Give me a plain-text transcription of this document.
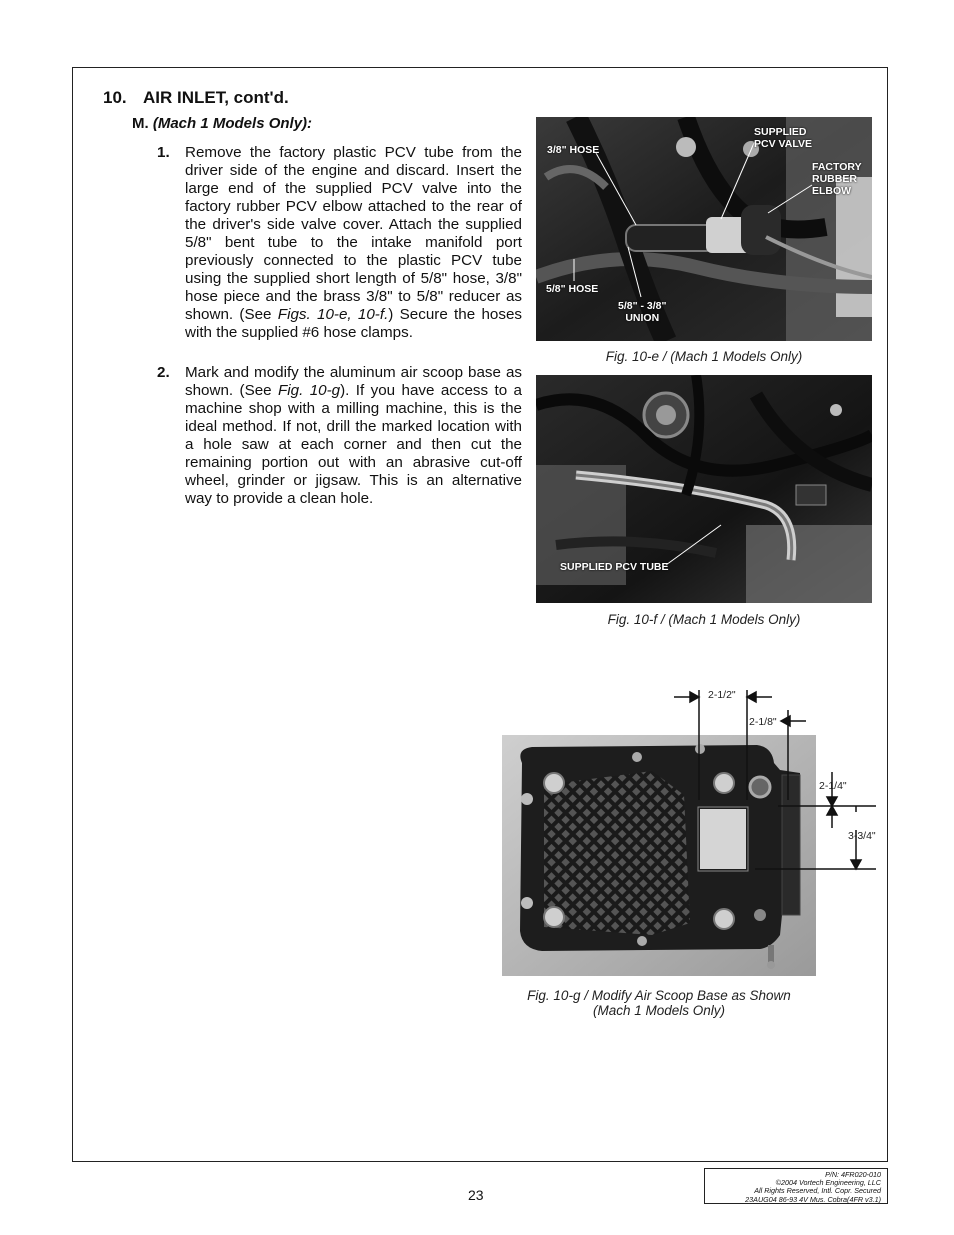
10. AIR INLET, cont'd.
M. (Mach 1 Models Only):
1. Remove the factory plastic PCV tube from the driver side of the engine and discard. Insert the large end of the supplied PCV valve into the factory rubber PCV elbow attached to the rear of the driver's side valve cover. Attach the supplied 5/8" bent tube to the intake manifold port previously connected to the plastic PCV tube using the supplied short length of 5/8" hose, 3/8" hose piece and the brass 3/8" to 5/8" reducer as shown. (See Figs. 10-e, 10-f.) Secure the hoses with the supplied #6 hose clamps.
2. Mark and modify the aluminum air scoop base as shown. (See Fig. 10-g). If you have access to a machine shop with a milling machine, this is the ideal method. If not, drill the marked location with a hole saw at each corner and then cut the remaining portion out with an abrasive cut-off wheel, grinder or jigsaw. This is an alternative way to provide a clean hole.
3/8" HOSE
SUPPLIED
PCV VALVE
FACTORY
RUBBER
ELBOW
5/8" HOSE
5/8" - 3/8"
UNION
Fig. 10-e / (Mach 1 Models Only)
SUPPLIED PCV TUBE
Fig. 10-f / (Mach 1 Models Only)
2-1/2"
2-1/8"
2-1/4"
3-3/4"
Fig. 10-g / Modify Air Scoop Base as Shown
(Mach 1 Models Only)
23
P/N: 4FR020-010
©2004 Vortech Engineering, LLC
All Rights Reserved, Intl. Copr. Secured
23AUG04 86-93 4V Mus. Cobra(4FR v3.1)
